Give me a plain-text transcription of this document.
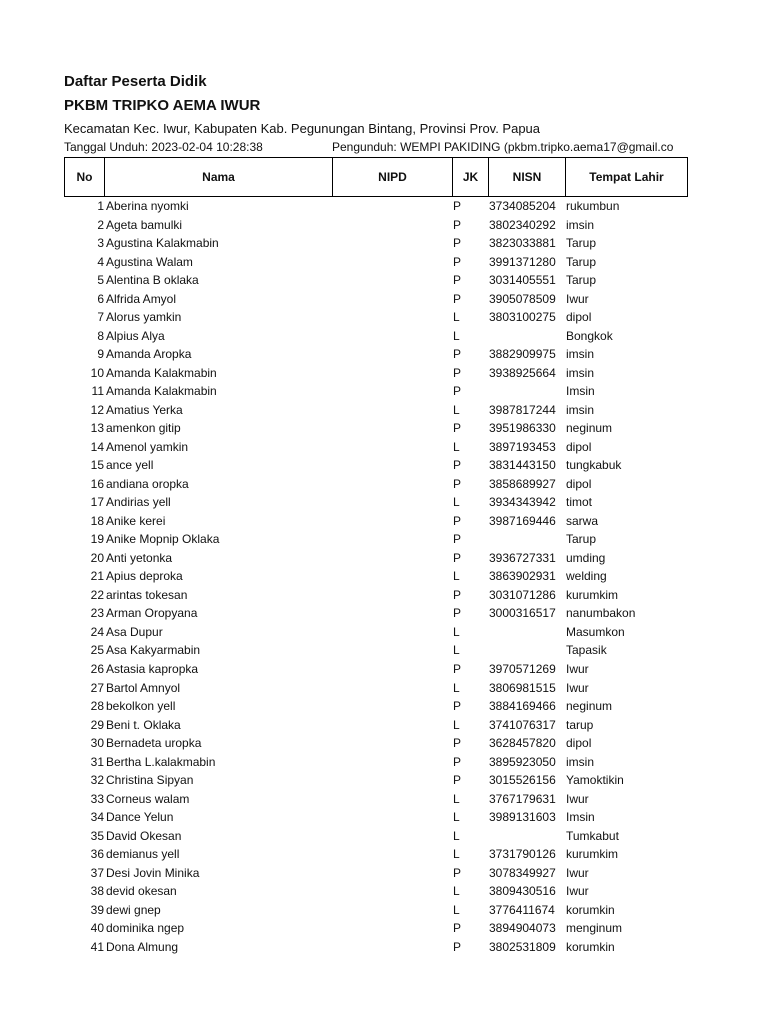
Daftar Peserta Didik
PKBM TRIPKO AEMA IWUR
Kecamatan Kec. Iwur, Kabupaten Kab. Pegunungan Bintang, Provinsi Prov. Papua
Tanggal Unduh: 2023-02-04 10:28:38	Pengunduh: WEMPI PAKIDING (pkbm.tripko.aema17@gmail.co
No	Nama	NIPD	JK	NISN	Tempat Lahir
1 Aberina nyomki	P	3734085204 rukumbun
2 Ageta bamulki	P	3802340292 imsin
3 Agustina Kalakmabin	P	3823033881 Tarup
4 Agustina Walam	P	3991371280 Tarup
5 Alentina B oklaka	P	3031405551 Tarup
6 Alfrida Amyol	P	3905078509 Iwur
7 Alorus yamkin	L	3803100275 dipol
8 Alpius Alya	L	Bongkok
9 Amanda Aropka	P	3882909975 imsin
10 Amanda Kalakmabin	P	3938925664 imsin
11 Amanda Kalakmabin	P	Imsin
12 Amatius Yerka	L	3987817244 imsin
13 amenkon gitip	P	3951986330 neginum
14 Amenol yamkin	L	3897193453 dipol
15 ance yell	P	3831443150 tungkabuk
16 andiana oropka	P	3858689927 dipol
17 Andirias yell	L	3934343942 timot
18 Anike kerei	P	3987169446 sarwa
19 Anike Mopnip Oklaka	P	Tarup
20 Anti yetonka	P	3936727331 umding
21 Apius deproka	L	3863902931 welding
22 arintas tokesan	P	3031071286 kurumkim
23 Arman Oropyana	P	3000316517 nanumbakon
24 Asa Dupur	L	Masumkon
25 Asa Kakyarmabin	L	Tapasik
26 Astasia kapropka	P	3970571269 Iwur
27 Bartol Amnyol	L	3806981515 Iwur
28 bekolkon yell	P	3884169466 neginum
29 Beni t. Oklaka	L	3741076317 tarup
30 Bernadeta uropka	P	3628457820 dipol
31 Bertha L.kalakmabin	P	3895923050 imsin
32 Christina Sipyan	P	3015526156 Yamoktikin
33 Corneus walam	L	3767179631 Iwur
34 Dance Yelun	L	3989131603 Imsin
35 David Okesan	L	Tumkabut
36 demianus yell	L	3731790126 kurumkim
37 Desi Jovin Minika	P	3078349927 Iwur
38 devid okesan	L	3809430516 Iwur
39 dewi gnep	L	3776411674 korumkin
40 dominika ngep	P	3894904073 menginum
41 Dona Almung	P	3802531809 korumkin
